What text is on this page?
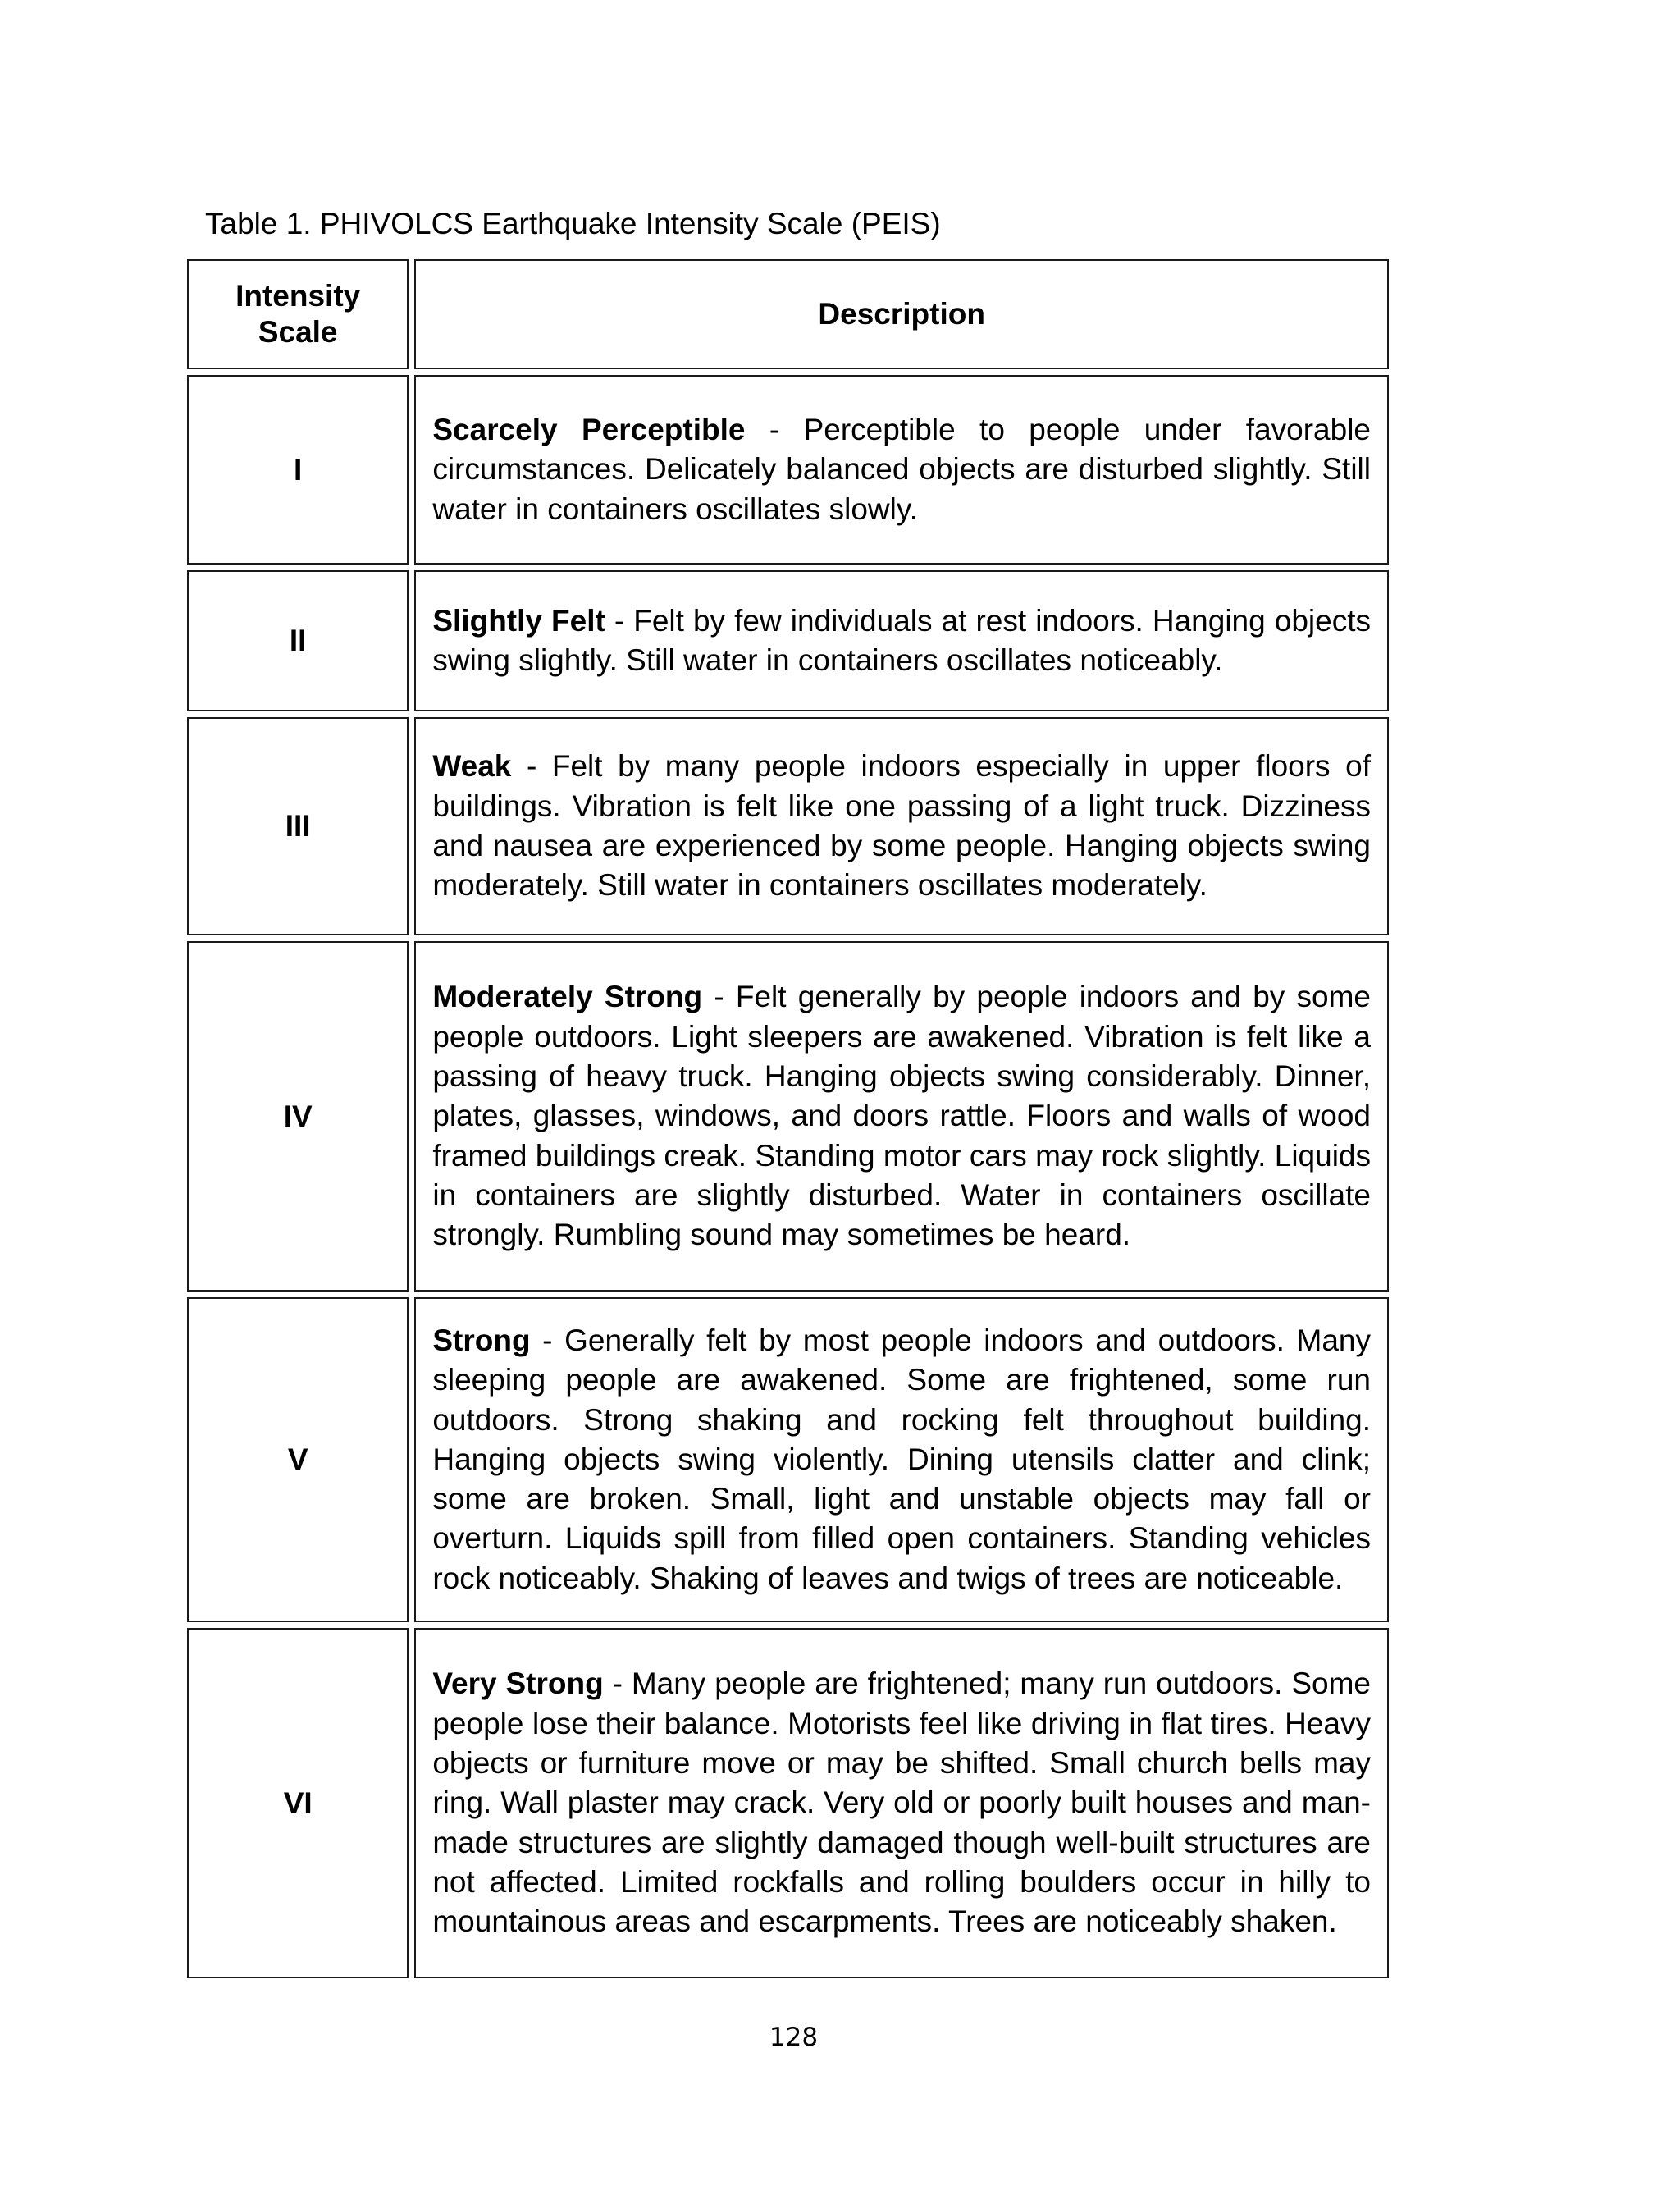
Table 1. PHIVOLCS Earthquake Intensity Scale (PEIS)
Intensity Scale	Description
I	Scarcely Perceptible - Perceptible to people under favorable circumstances. Delicately balanced objects are disturbed slightly. Still water in containers oscillates slowly.
II	Slightly Felt - Felt by few individuals at rest indoors. Hanging objects swing slightly. Still water in containers oscillates noticeably.
III	Weak - Felt by many people indoors especially in upper floors of buildings. Vibration is felt like one passing of a light truck. Dizziness and nausea are experienced by some people. Hanging objects swing moderately. Still water in containers oscillates moderately.
IV	Moderately Strong - Felt generally by people indoors and by some people outdoors. Light sleepers are awakened. Vibration is felt like a passing of heavy truck. Hanging objects swing considerably. Dinner, plates, glasses, windows, and doors rattle. Floors and walls of wood framed buildings creak. Standing motor cars may rock slightly. Liquids in containers are slightly disturbed. Water in containers oscillate strongly. Rumbling sound may sometimes be heard.
V	Strong - Generally felt by most people indoors and outdoors. Many sleeping people are awakened. Some are frightened, some run outdoors. Strong shaking and rocking felt throughout building. Hanging objects swing violently. Dining utensils clatter and clink; some are broken. Small, light and unstable objects may fall or overturn. Liquids spill from filled open containers. Standing vehicles rock noticeably. Shaking of leaves and twigs of trees are noticeable.
VI	Very Strong - Many people are frightened; many run outdoors. Some people lose their balance. Motorists feel like driving in flat tires. Heavy objects or furniture move or may be shifted. Small church bells may ring. Wall plaster may crack. Very old or poorly built houses and man-made structures are slightly damaged though well-built structures are not affected. Limited rockfalls and rolling boulders occur in hilly to mountainous areas and escarpments. Trees are noticeably shaken.
128
